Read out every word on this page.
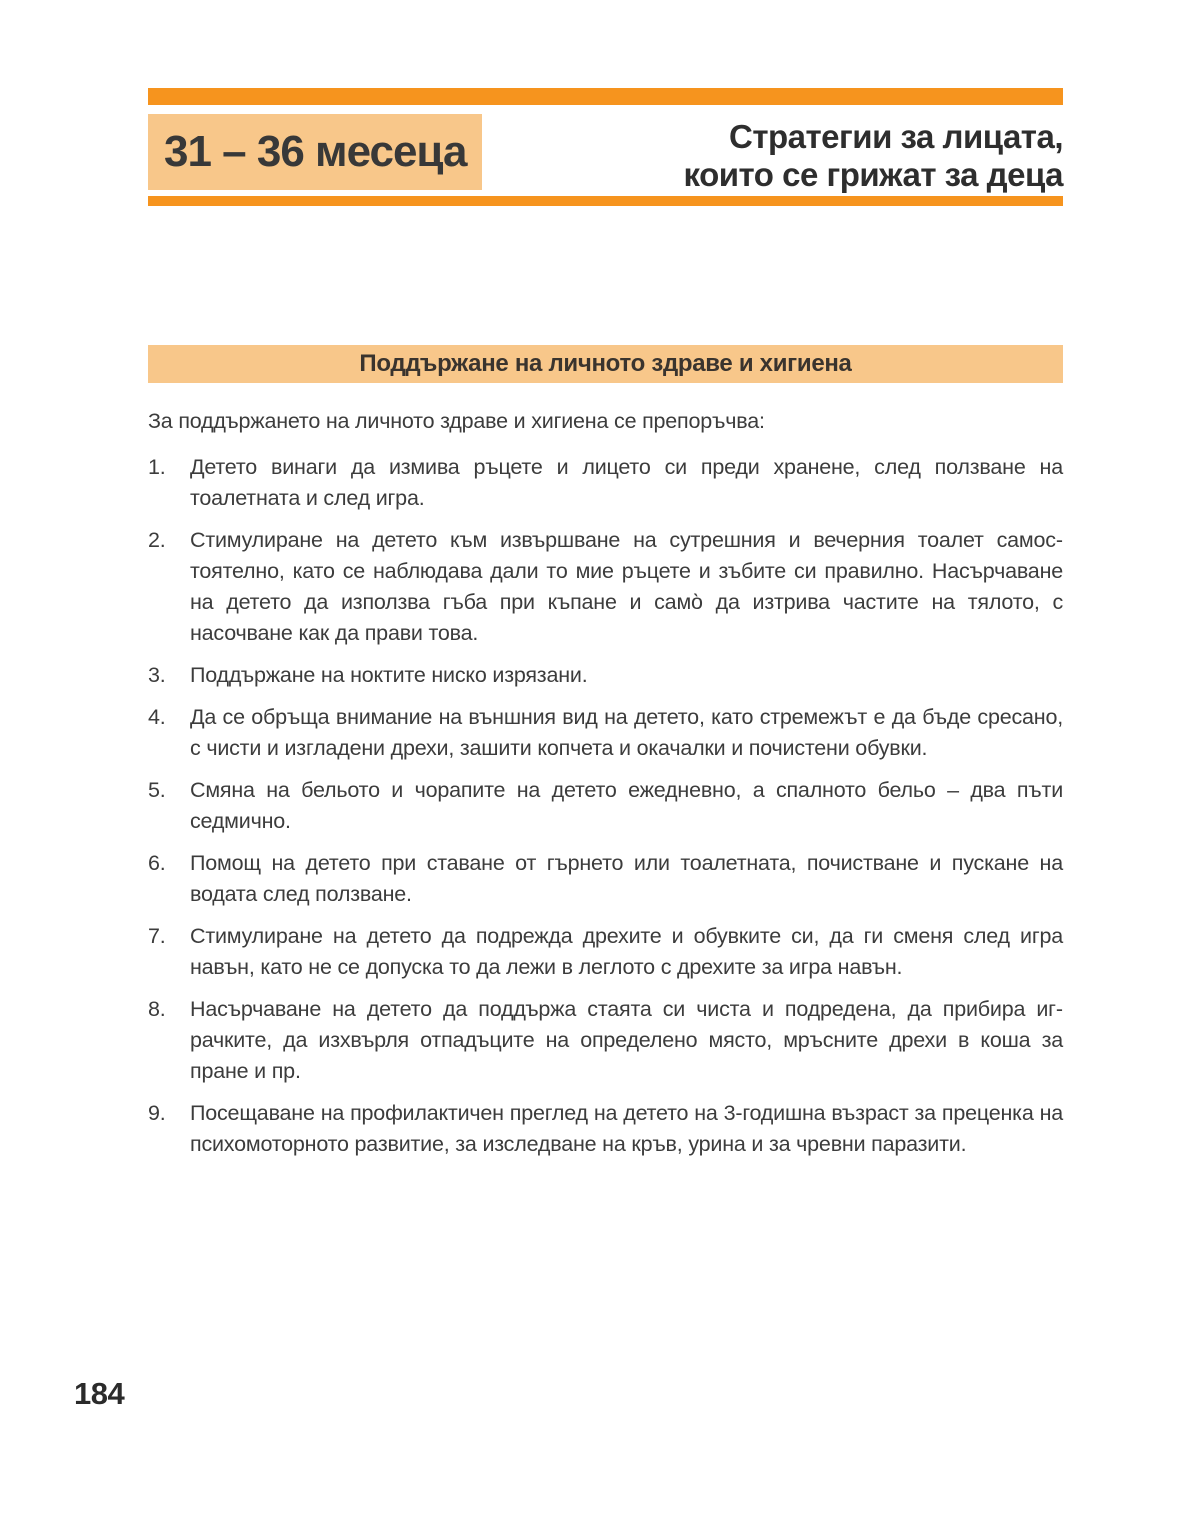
31 – 36 месеца	Стратегии за лицата,
които се грижат за деца
Поддържане на личното здраве и хигиена

За поддържането на личното здраве и хигиена се препоръчва:

1.	Детето винаги да измива ръцете и лицето си преди хранене, след ползване на тоалетната и след игра.
2.	Стимулиране на детето към извършване на сутрешния и вечерния тоалет самостоятелно, като се наблюдава дали то мие ръцете и зъбите си правилно. Насърчаване на детето да използва гъба при къпане и само̀ да изтрива частите на тялото, с насочване как да прави това.
3.	Поддържане на ноктите ниско изрязани.
4.	Да се обръща внимание на външния вид на детето, като стремежът е да бъде сресано, с чисти и изгладени дрехи, зашити копчета и окачалки и почистени обувки.
5.	Смяна на бельото и чорапите на детето ежедневно, а спалното бельо – два пъти седмично.
6.	Помощ на детето при ставане от гърнето или тоалетната, почистване и пускане на водата след ползване.
7.	Стимулиране на детето да подрежда дрехите и обувките си, да ги сменя след игра навън, като не се допуска то да лежи в леглото с дрехите за игра навън.
8.	Насърчаване на детето да поддържа стаята си чиста и подредена, да прибира играчките, да изхвърля отпадъците на определено място, мръсните дрехи в коша за пране и пр.
9.	Посещаване на профилактичен преглед на детето на 3-годишна възраст за преценка на психомоторното развитие, за изследване на кръв, урина и за чревни паразити.
184
